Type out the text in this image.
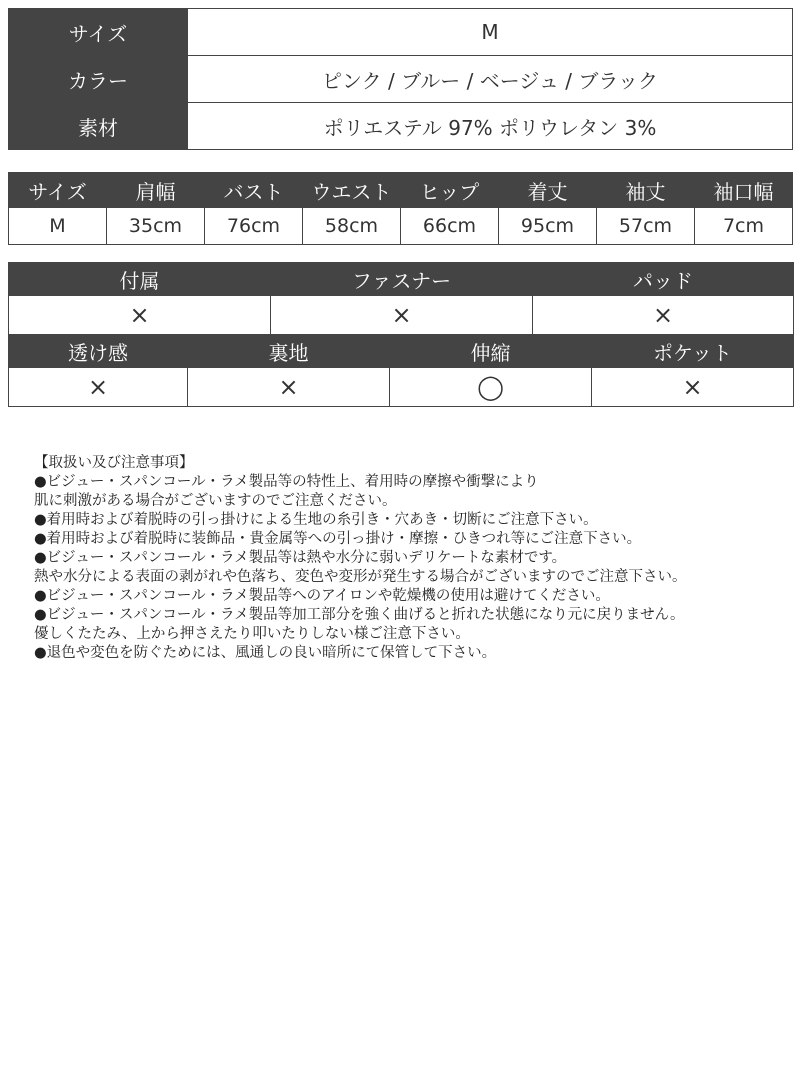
サイズ	M
カラー	ピンク / ブルー / ベージュ / ブラック
素材	ポリエステル 97% ポリウレタン 3%
サイズ	肩幅	バスト	ウエスト	ヒップ	着丈	袖丈	袖口幅
M	35cm	76cm	58cm	66cm	95cm	57cm	7cm
付属	ファスナー	パッド
×	×	×
透け感	裏地	伸縮	ポケット
×	×	◯	×
【取扱い及び注意事項】
●ビジュー・スパンコール・ラメ製品等の特性上、着用時の摩擦や衝撃により
肌に刺激がある場合がございますのでご注意ください。
●着用時および着脱時の引っ掛けによる生地の糸引き・穴あき・切断にご注意下さい。
●着用時および着脱時に装飾品・貴金属等への引っ掛け・摩擦・ひきつれ等にご注意下さい。
●ビジュー・スパンコール・ラメ製品等は熱や水分に弱いデリケートな素材です。
熱や水分による表面の剥がれや色落ち、変色や変形が発生する場合がございますのでご注意下さい。
●ビジュー・スパンコール・ラメ製品等へのアイロンや乾燥機の使用は避けてください。
●ビジュー・スパンコール・ラメ製品等加工部分を強く曲げると折れた状態になり元に戻りません。
優しくたたみ、上から押さえたり叩いたりしない様ご注意下さい。
●退色や変色を防ぐためには、風通しの良い暗所にて保管して下さい。
